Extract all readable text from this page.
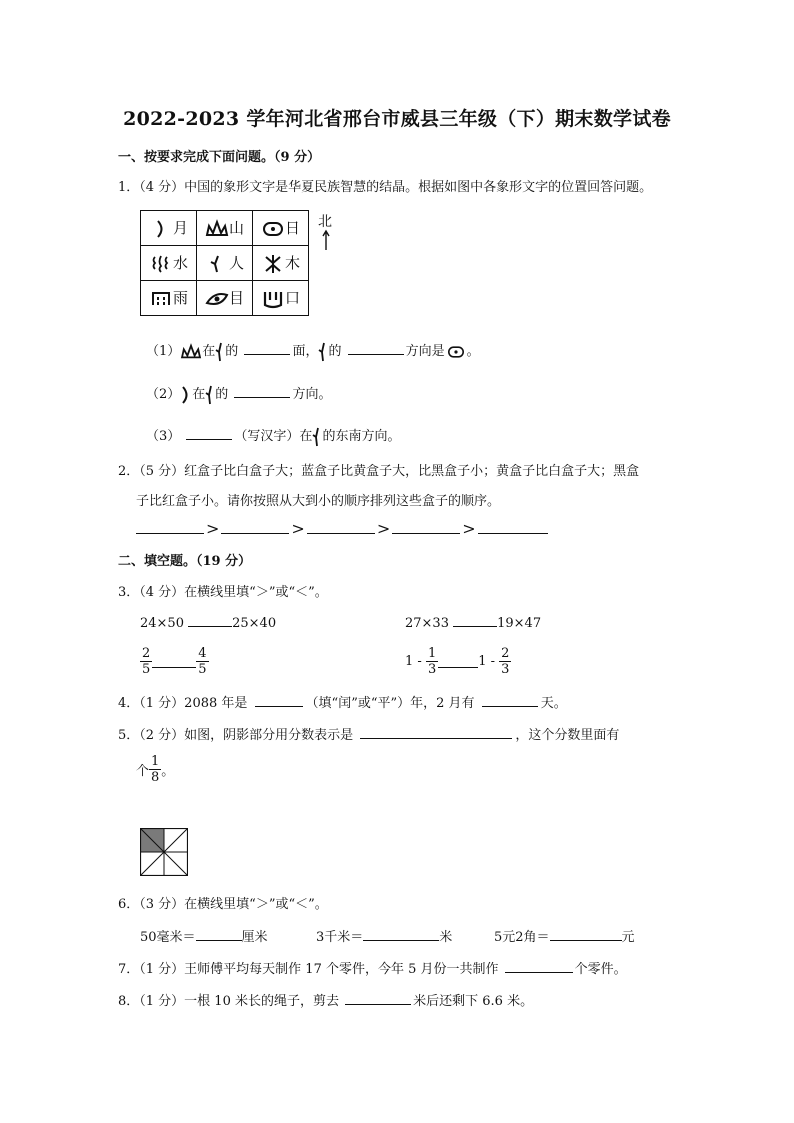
2022-2023 学年河北省邢台市威县三年级（下）期末数学试卷
一、按要求完成下面问题。（9 分）
1．（4 分）中国的象形文字是华夏民族智慧的结晶。根据如图中各象形文字的位置回答问题。
月	山	日
水	人	木
雨	目	口
北
（1） 在 的	面， 的	方向是 。
（2） 在 的	方向。
（3）	（写汉字）在 的东南方向。
2．（5 分）红盒子比白盒子大；蓝盒子比黄盒子大，比黑盒子小；黄盒子比白盒子大；黑盒
子比红盒子小。请你按照从大到小的顺序排列这些盒子的顺序。
>	>	>	>
二、填空题。（19 分）
3．（4 分）在横线里填“＞”或“＜”。
24×50	25×40	27×33	19×47
$\frac{2}{5}$	$\frac{4}{5}$	$1 - \frac{1}{3}$	$1 - \frac{2}{3}$
4．（1 分）2088 年是	（填“闰”或“平”）年，2 月有	天。
5．（2 分）如图，阴影部分用分数表示是	，这个分数里面有
个 $\frac{1}{8}$ 。
6．（3 分）在横线里填“＞”或“＜”。
50毫米＝	厘米	3千米＝	米	5元2角＝	元
7．（1 分）王师傅平均每天制作 17 个零件，今年 5 月份一共制作	个零件。
8．（1 分）一根 10 米长的绳子，剪去	米后还剩下 6.6 米。
